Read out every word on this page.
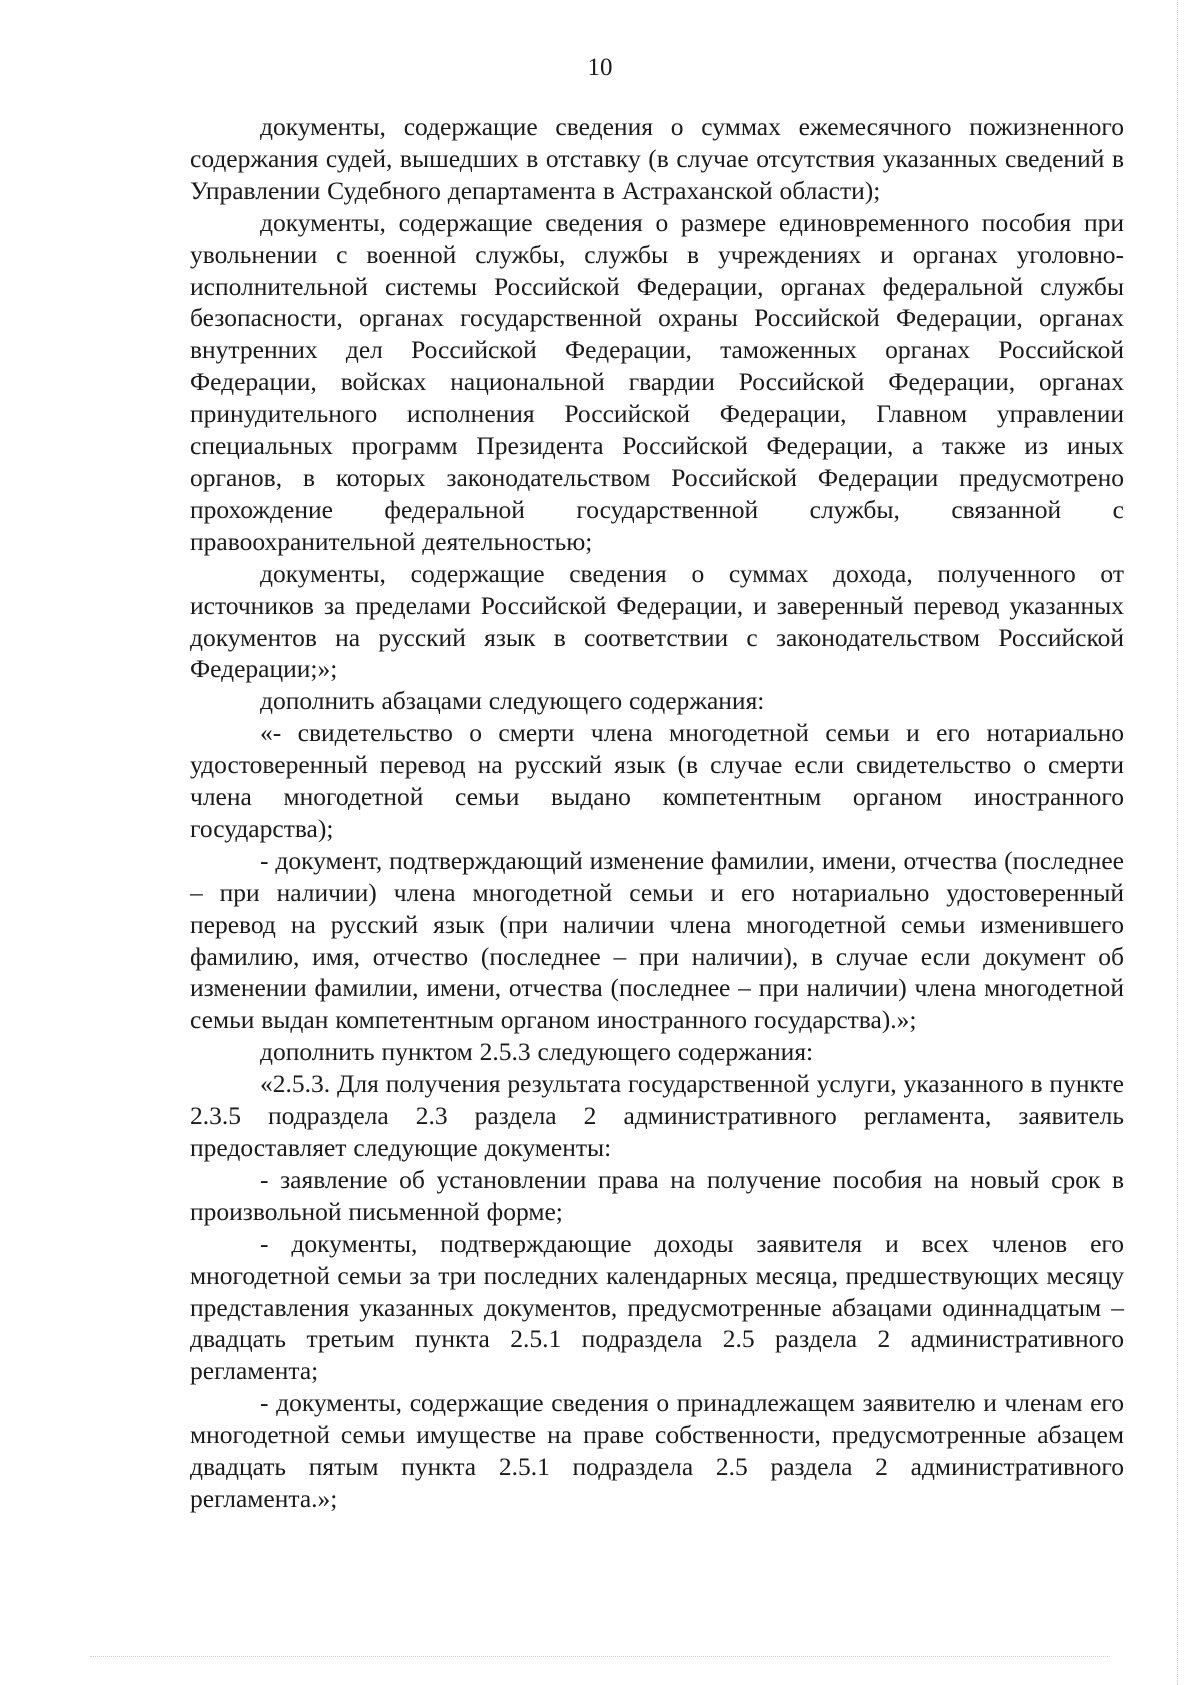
10

документы, содержащие сведения о суммах ежемесячного пожизненного содержания судей, вышедших в отставку (в случае отсутствия указанных сведений в Управлении Судебного департамента в Астраханской области);

документы, содержащие сведения о размере единовременного пособия при увольнении с военной службы, службы в учреждениях и органах уголовно-исполнительной системы Российской Федерации, органах федеральной службы безопасности, органах государственной охраны Российской Федерации, органах внутренних дел Российской Федерации, таможенных органах Российской Федерации, войсках национальной гвардии Российской Федерации, органах принудительного исполнения Российской Федерации, Главном управлении специальных программ Президента Российской Федерации, а также из иных органов, в которых законодательством Российской Федерации предусмотрено прохождение федеральной государственной службы, связанной с правоохранительной деятельностью;

документы, содержащие сведения о суммах дохода, полученного от источников за пределами Российской Федерации, и заверенный перевод указанных документов на русский язык в соответствии с законодательством Российской Федерации;»;

дополнить абзацами следующего содержания:

«- свидетельство о смерти члена многодетной семьи и его нотариально удостоверенный перевод на русский язык (в случае если свидетельство о смерти члена многодетной семьи выдано компетентным органом иностранного государства);

- документ, подтверждающий изменение фамилии, имени, отчества (последнее – при наличии) члена многодетной семьи и его нотариально удостоверенный перевод на русский язык (при наличии члена многодетной семьи изменившего фамилию, имя, отчество (последнее – при наличии), в случае если документ об изменении фамилии, имени, отчества (последнее – при наличии) члена многодетной семьи выдан компетентным органом иностранного государства).»;

дополнить пунктом 2.5.3 следующего содержания:

«2.5.3. Для получения результата государственной услуги, указанного в пункте 2.3.5 подраздела 2.3 раздела 2 административного регламента, заявитель предоставляет следующие документы:

- заявление об установлении права на получение пособия на новый срок в произвольной письменной форме;

- документы, подтверждающие доходы заявителя и всех членов его многодетной семьи за три последних календарных месяца, предшествующих месяцу представления указанных документов, предусмотренные абзацами одиннадцатым – двадцать третьим пункта 2.5.1 подраздела 2.5 раздела 2 административного регламента;

- документы, содержащие сведения о принадлежащем заявителю и членам его многодетной семьи имуществе на праве собственности, предусмотренные абзацем двадцать пятым пункта 2.5.1 подраздела 2.5 раздела 2 административного регламента.»;
